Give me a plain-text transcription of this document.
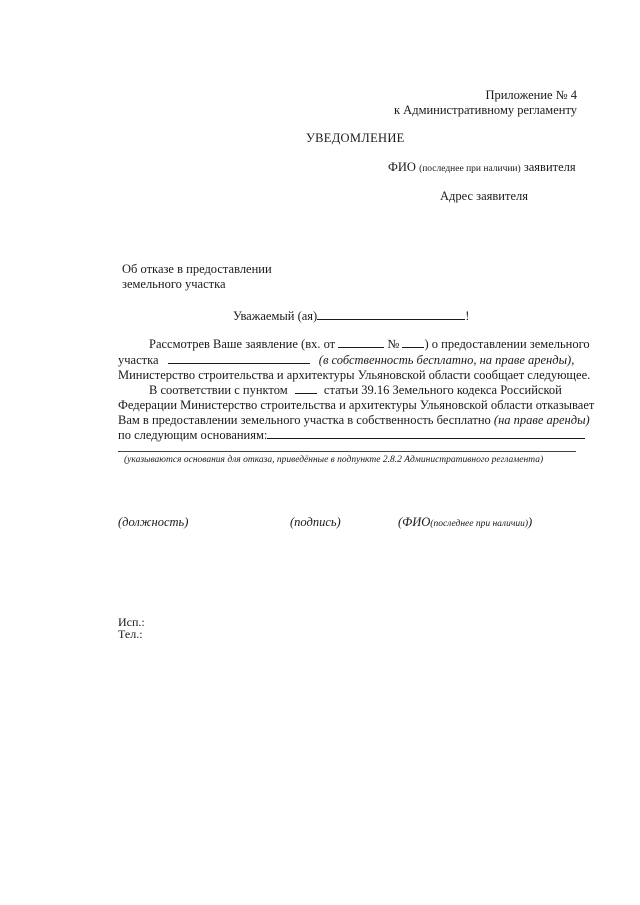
Приложение № 4
к Административному регламенту
УВЕДОМЛЕНИЕ
ФИО (последнее при наличии) заявителя
Адрес заявителя
Об отказе в предоставлении
земельного участка
Уважаемый (ая)	!
Рассмотрев Ваше заявление (вх. от	№ ) о предоставлении земельного
участка	(в собственность бесплатно, на праве аренды),
Министерство строительства и архитектуры Ульяновской области сообщает следующее.
В соответствии с пунктом	статьи 39.16 Земельного кодекса Российской
Федерации Министерство строительства и архитектуры Ульяновской области отказывает
Вам в предоставлении земельного участка в собственность бесплатно (на праве аренды)
по следующим основаниям:
(указываются основания для отказа, приведённые в подпункте 2.8.2 Административного регламента)
(должность)	(подпись)	(ФИО(последнее при наличии))
Исп.:
Тел.:
